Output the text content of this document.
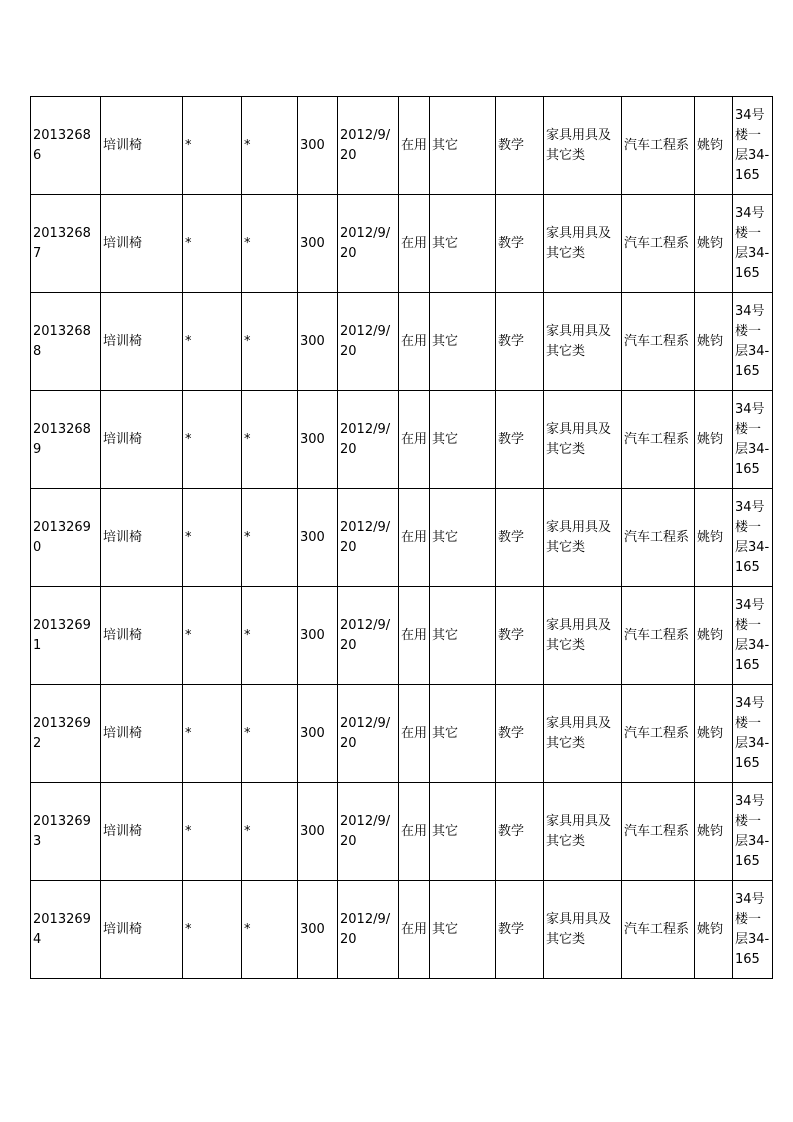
20132686	培训椅	*	*	300	2012/9/20	在用	其它	教学	家具用具及其它类	汽车工程系	姚钧	34号楼一层34-165
20132687	培训椅	*	*	300	2012/9/20	在用	其它	教学	家具用具及其它类	汽车工程系	姚钧	34号楼一层34-165
20132688	培训椅	*	*	300	2012/9/20	在用	其它	教学	家具用具及其它类	汽车工程系	姚钧	34号楼一层34-165
20132689	培训椅	*	*	300	2012/9/20	在用	其它	教学	家具用具及其它类	汽车工程系	姚钧	34号楼一层34-165
20132690	培训椅	*	*	300	2012/9/20	在用	其它	教学	家具用具及其它类	汽车工程系	姚钧	34号楼一层34-165
20132691	培训椅	*	*	300	2012/9/20	在用	其它	教学	家具用具及其它类	汽车工程系	姚钧	34号楼一层34-165
20132692	培训椅	*	*	300	2012/9/20	在用	其它	教学	家具用具及其它类	汽车工程系	姚钧	34号楼一层34-165
20132693	培训椅	*	*	300	2012/9/20	在用	其它	教学	家具用具及其它类	汽车工程系	姚钧	34号楼一层34-165
20132694	培训椅	*	*	300	2012/9/20	在用	其它	教学	家具用具及其它类	汽车工程系	姚钧	34号楼一层34-165
